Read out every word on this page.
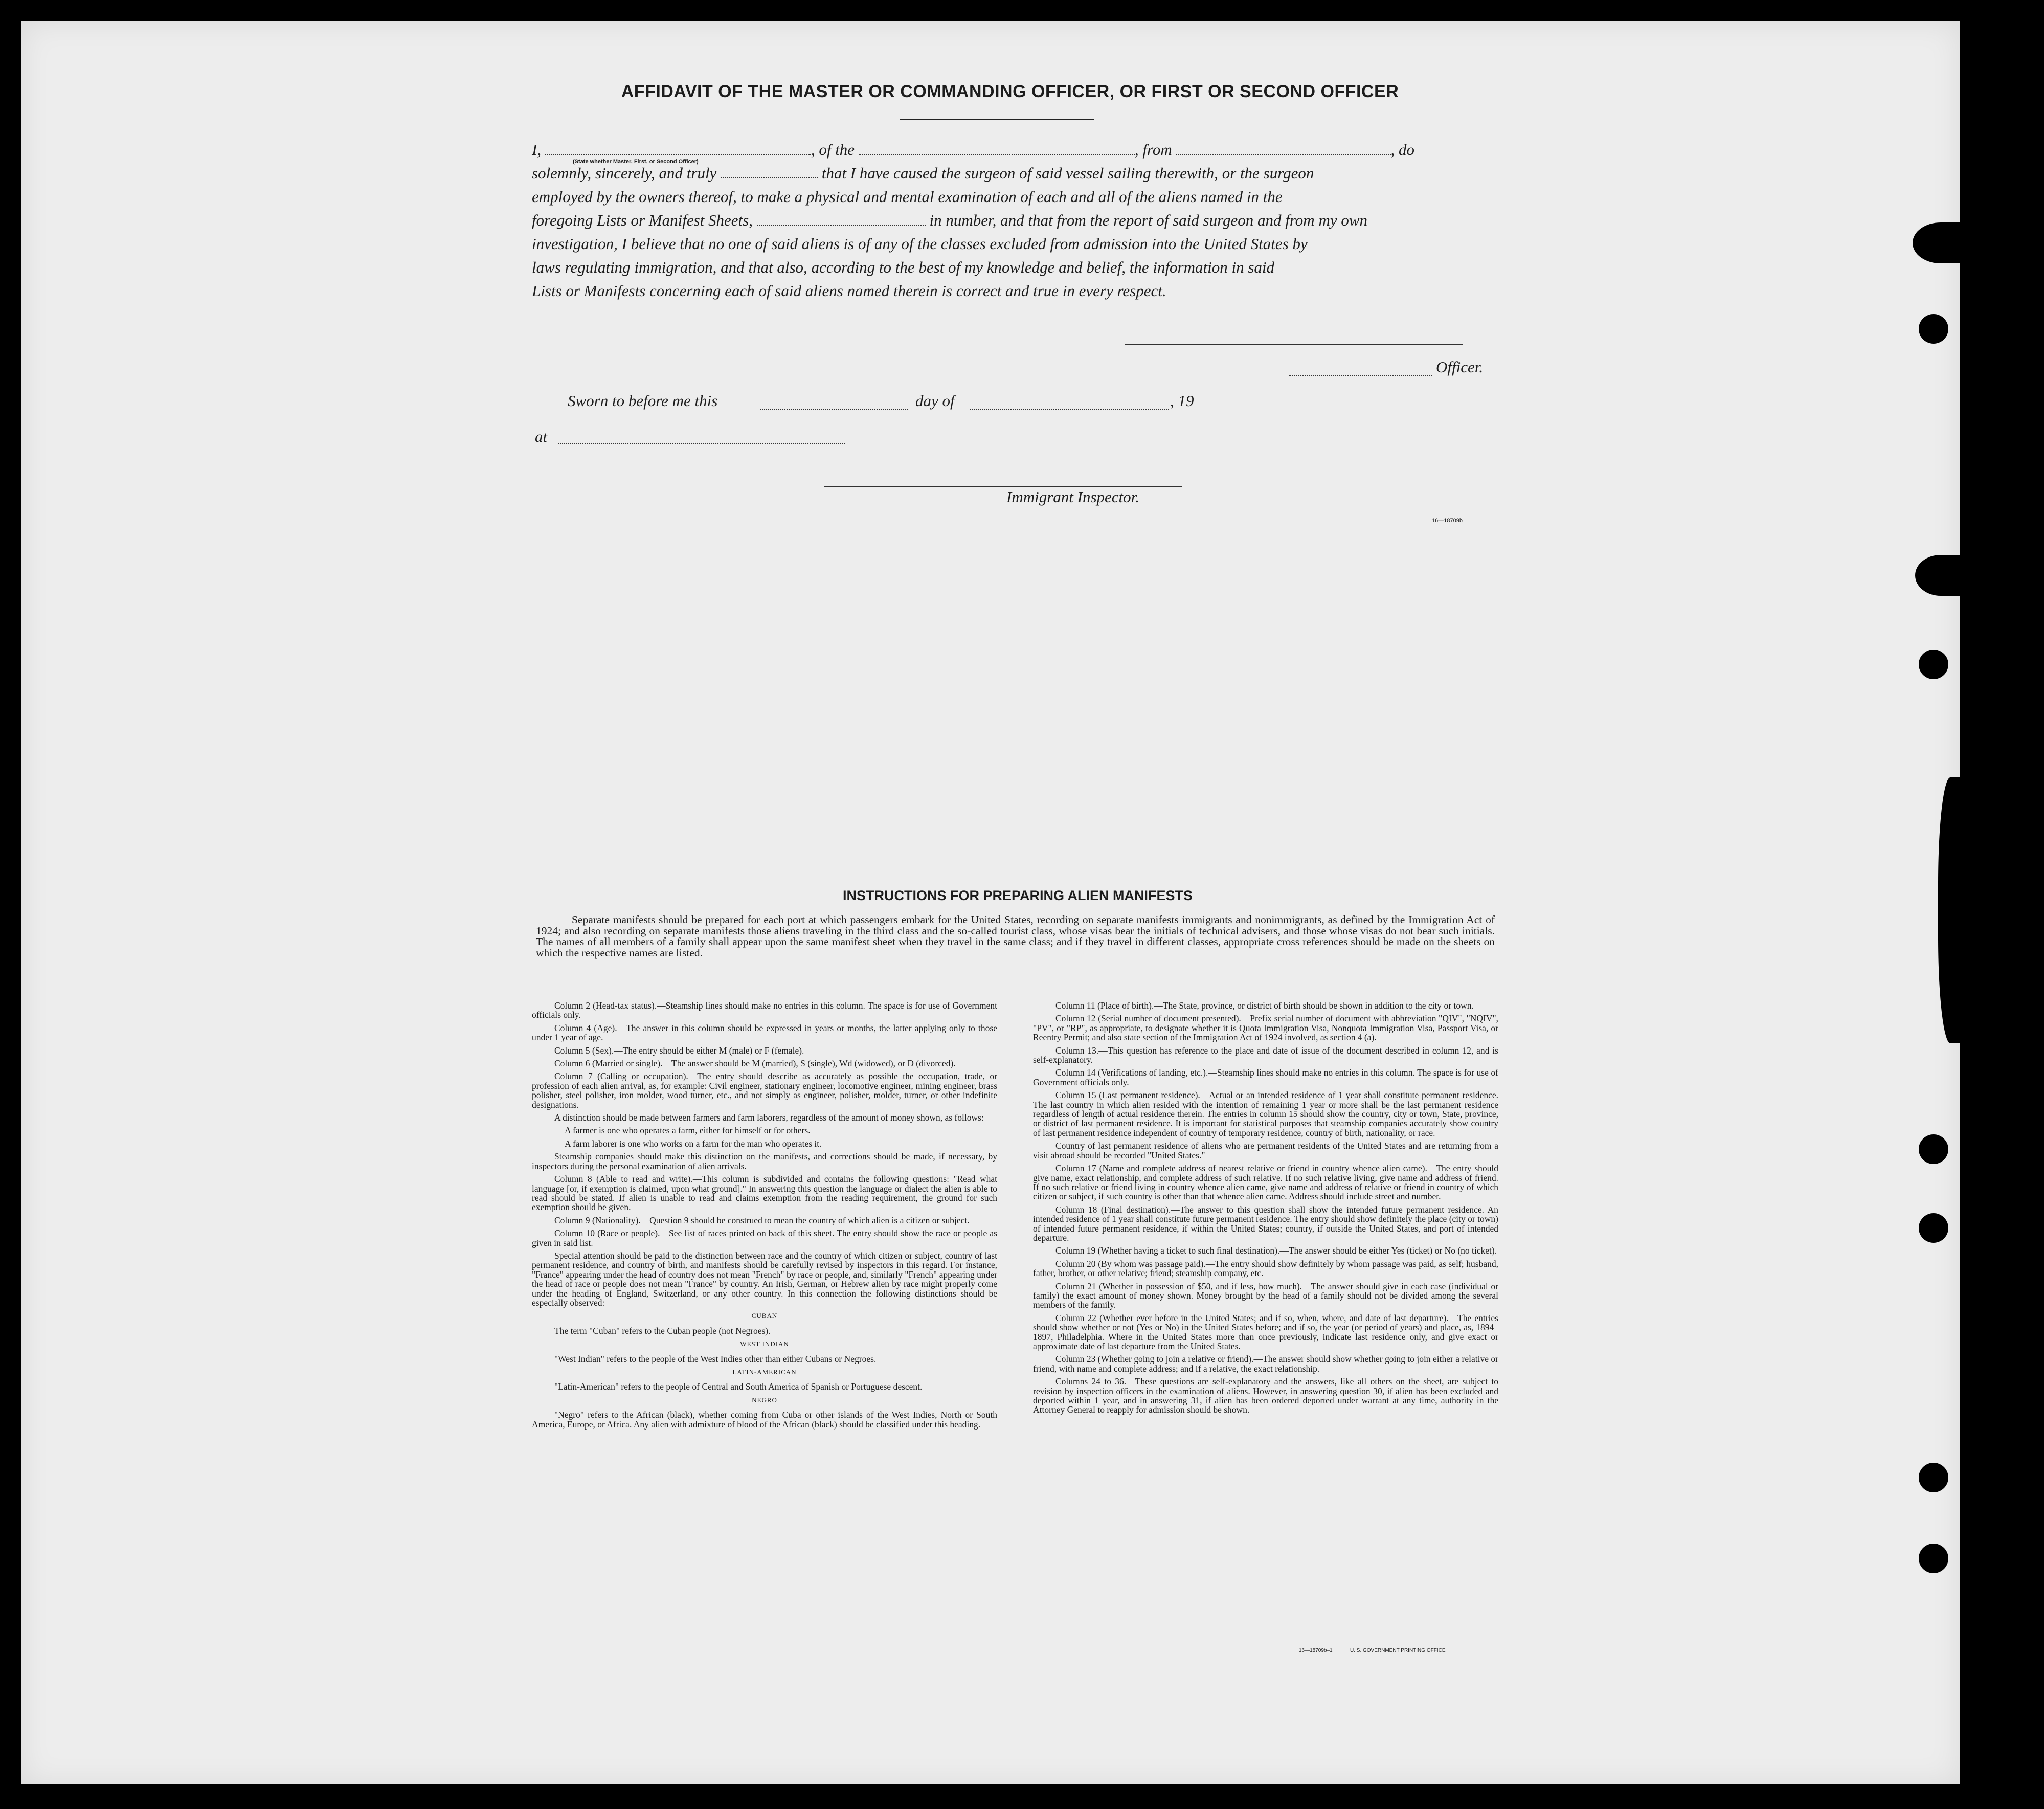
AFFIDAVIT OF THE MASTER OR COMMANDING OFFICER, OR FIRST OR SECOND OFFICER
I,	, of the	, from	, do
solemnly, sincerely, and truly	that I have caused the surgeon of said vessel sailing therewith, or the surgeon
employed by the owners thereof, to make a physical and mental examination of each and all of the aliens named in the
foregoing Lists or Manifest Sheets,	in number, and that from the report of said surgeon and from my own
investigation, I believe that no one of said aliens is of any of the classes excluded from admission into the United States by
laws regulating immigration, and that also, according to the best of my knowledge and belief, the information in said
Lists or Manifests concerning each of said aliens named therein is correct and true in every respect.
(State whether Master, First, or Second Officer)
Officer.
Sworn to before me this	day of	, 19
at
Immigrant Inspector.
16—18709b
INSTRUCTIONS FOR PREPARING ALIEN MANIFESTS
Separate manifests should be prepared for each port at which passengers embark for the United States, recording on separate manifests immigrants and nonimmigrants, as defined by the Immigration Act of 1924; and also recording on separate manifests those aliens traveling in the third class and the so-called tourist class, whose visas bear the initials of technical advisers, and those whose visas do not bear such initials. The names of all members of a family shall appear upon the same manifest sheet when they travel in the same class; and if they travel in different classes, appropriate cross references should be made on the sheets on which the respective names are listed.

Column 2 (Head-tax status).—Steamship lines should make no entries in this column. The space is for use of Government officials only.

Column 4 (Age).—The answer in this column should be expressed in years or months, the latter applying only to those under 1 year of age.

Column 5 (Sex).—The entry should be either M (male) or F (female).

Column 6 (Married or single).—The answer should be M (married), S (single), Wd (widowed), or D (divorced).

Column 7 (Calling or occupation).—The entry should describe as accurately as possible the occupation, trade, or profession of each alien arrival, as, for example: Civil engineer, stationary engineer, locomotive engineer, mining engineer, brass polisher, steel polisher, iron molder, wood turner, etc., and not simply as engineer, polisher, molder, turner, or other indefinite designations.

A distinction should be made between farmers and farm laborers, regardless of the amount of money shown, as follows:

A farmer is one who operates a farm, either for himself or for others.

A farm laborer is one who works on a farm for the man who operates it.

Steamship companies should make this distinction on the manifests, and corrections should be made, if necessary, by inspectors during the personal examination of alien arrivals.

Column 8 (Able to read and write).—This column is subdivided and contains the following questions: "Read what language [or, if exemption is claimed, upon what ground]." In answering this question the language or dialect the alien is able to read should be stated. If alien is unable to read and claims exemption from the reading requirement, the ground for such exemption should be given.

Column 9 (Nationality).—Question 9 should be construed to mean the country of which alien is a citizen or subject.

Column 10 (Race or people).—See list of races printed on back of this sheet. The entry should show the race or people as given in said list.

Special attention should be paid to the distinction between race and the country of which citizen or subject, country of last permanent residence, and country of birth, and manifests should be carefully revised by inspectors in this regard. For instance, "France" appearing under the head of country does not mean "French" by race or people, and, similarly "French" appearing under the head of race or people does not mean "France" by country. An Irish, German, or Hebrew alien by race might properly come under the heading of England, Switzerland, or any other country. In this connection the following distinctions should be especially observed:

CUBAN

The term "Cuban" refers to the Cuban people (not Negroes).

WEST INDIAN

"West Indian" refers to the people of the West Indies other than either Cubans or Negroes.

LATIN-AMERICAN

"Latin-American" refers to the people of Central and South America of Spanish or Portuguese descent.

NEGRO

"Negro" refers to the African (black), whether coming from Cuba or other islands of the West Indies, North or South America, Europe, or Africa. Any alien with admixture of blood of the African (black) should be classified under this heading.

Column 11 (Place of birth).—The State, province, or district of birth should be shown in addition to the city or town.

Column 12 (Serial number of document presented).—Prefix serial number of document with abbreviation "QIV", "NQIV", "PV", or "RP", as appropriate, to designate whether it is Quota Immigration Visa, Nonquota Immigration Visa, Passport Visa, or Reentry Permit; and also state section of the Immigration Act of 1924 involved, as section 4 (a).

Column 13.—This question has reference to the place and date of issue of the document described in column 12, and is self-explanatory.

Column 14 (Verifications of landing, etc.).—Steamship lines should make no entries in this column. The space is for use of Government officials only.

Column 15 (Last permanent residence).—Actual or an intended residence of 1 year shall constitute permanent residence. The last country in which alien resided with the intention of remaining 1 year or more shall be the last permanent residence regardless of length of actual residence therein. The entries in column 15 should show the country, city or town, State, province, or district of last permanent residence. It is important for statistical purposes that steamship companies accurately show country of last permanent residence independent of country of temporary residence, country of birth, nationality, or race.

Country of last permanent residence of aliens who are permanent residents of the United States and are returning from a visit abroad should be recorded "United States."

Column 17 (Name and complete address of nearest relative or friend in country whence alien came).—The entry should give name, exact relationship, and complete address of such relative. If no such relative living, give name and address of friend. If no such relative or friend living in country whence alien came, give name and address of relative or friend in country of which citizen or subject, if such country is other than that whence alien came. Address should include street and number.

Column 18 (Final destination).—The answer to this question shall show the intended future permanent residence. An intended residence of 1 year shall constitute future permanent residence. The entry should show definitely the place (city or town) of intended future permanent residence, if within the United States; country, if outside the United States, and port of intended departure.

Column 19 (Whether having a ticket to such final destination).—The answer should be either Yes (ticket) or No (no ticket).

Column 20 (By whom was passage paid).—The entry should show definitely by whom passage was paid, as self; husband, father, brother, or other relative; friend; steamship company, etc.

Column 21 (Whether in possession of $50, and if less, how much).—The answer should give in each case (individual or family) the exact amount of money shown. Money brought by the head of a family should not be divided among the several members of the family.

Column 22 (Whether ever before in the United States; and if so, when, where, and date of last departure).—The entries should show whether or not (Yes or No) in the United States before; and if so, the year (or period of years) and place, as, 1894–1897, Philadelphia. Where in the United States more than once previously, indicate last residence only, and give exact or approximate date of last departure from the United States.

Column 23 (Whether going to join a relative or friend).—The answer should show whether going to join either a relative or friend, with name and complete address; and if a relative, the exact relationship.

Columns 24 to 36.—These questions are self-explanatory and the answers, like all others on the sheet, are subject to revision by inspection officers in the examination of aliens. However, in answering question 30, if alien has been excluded and deported within 1 year, and in answering 31, if alien has been ordered deported under warrant at any time, authority in the Attorney General to reapply for admission should be shown.

16—18709b–1	U. S. GOVERNMENT PRINTING OFFICE
